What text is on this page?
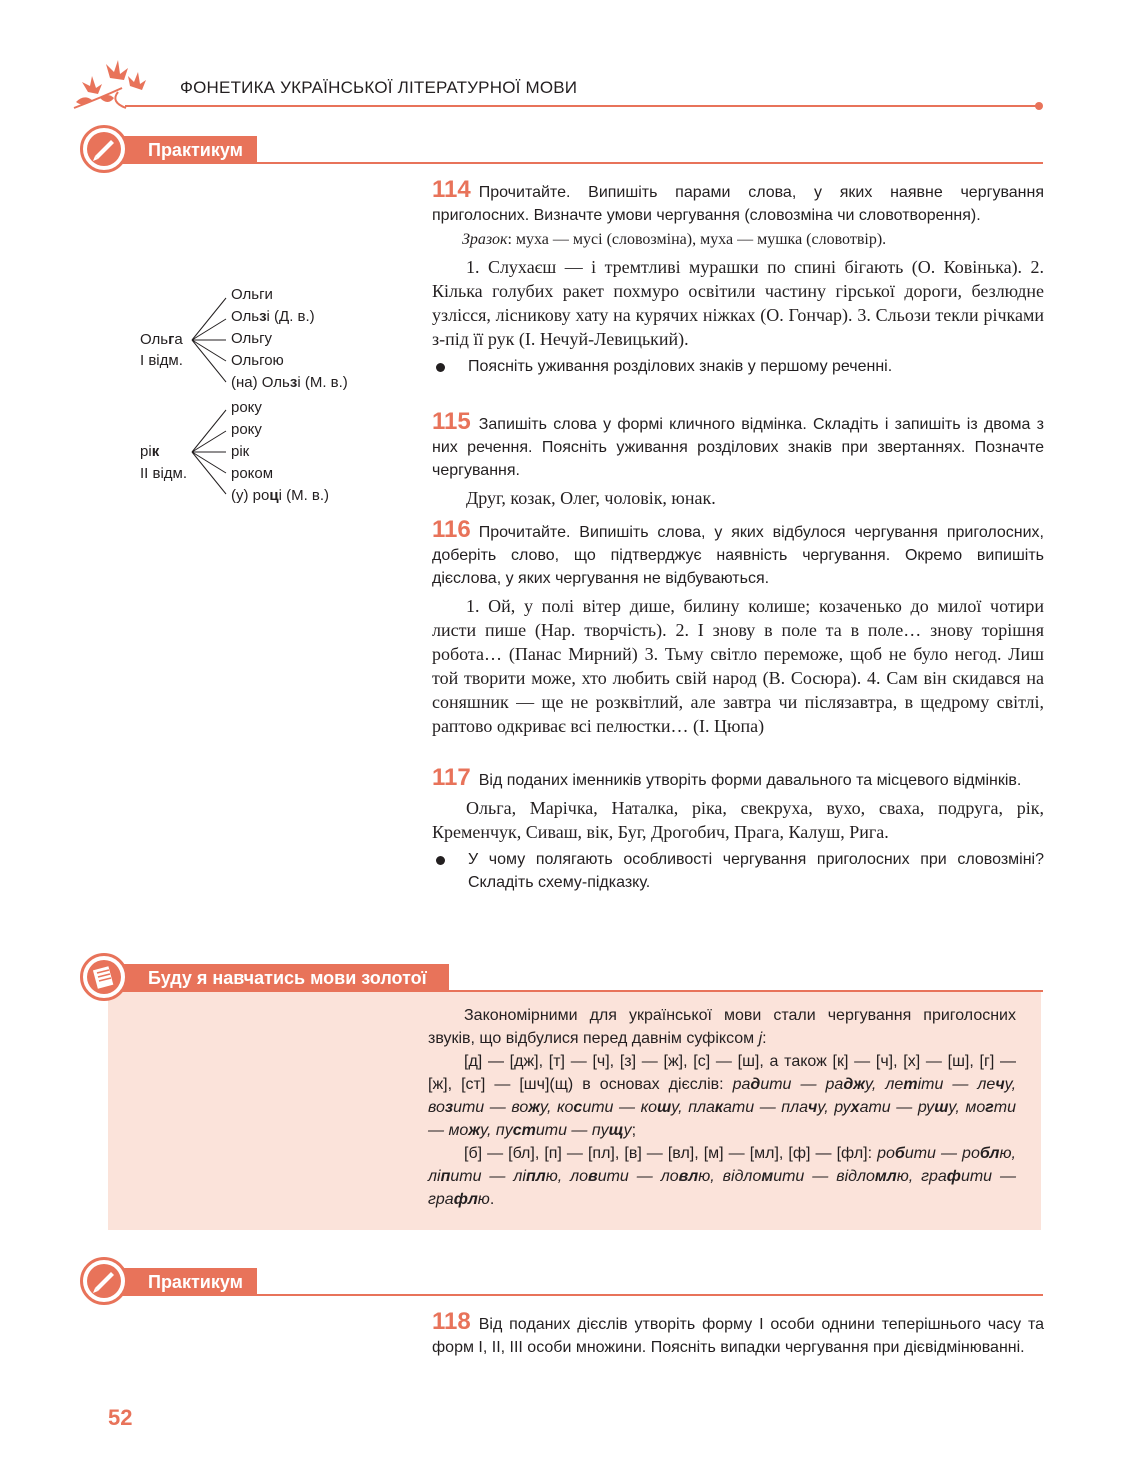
ФОНЕТИКА УКРАЇНСЬКОЇ ЛІТЕРАТУРНОЇ МОВИ
Практикум
Ольга
І відм.
Ольги
Ользі (Д. в.)
Ольгу
Ольгою
(на) Ользі (М. в.)
рік
ІІ відм.
року
року
рік
роком
(у) році (М. в.)
114 Прочитайте. Випишіть парами слова, у яких наявне чергування приголосних. Визначте умови чергування (словозміна чи словотворення).
Зразок: муха — мусі (словозміна), муха — мушка (словотвір).
1. Слухаєш — і тремтливі мурашки по спині бігають (О. Ковінька). 2. Кілька голубих ракет похмуро освітили частину гірської дороги, безлюдне узлісся, лісникову хату на курячих ніжках (О. Гончар). 3. Сльози текли річками з-під її рук (І. Нечуй-Левицький).
Поясніть уживання розділових знаків у першому реченні.
115 Запишіть слова у формі кличного відмінка. Складіть і запишіть із двома з них речення. Поясніть уживання розділових знаків при звертаннях. Позначте чергування.
Друг, козак, Олег, чоловік, юнак.
116 Прочитайте. Випишіть слова, у яких відбулося чергування приголосних, доберіть слово, що підтверджує наявність чергування. Окремо випишіть дієслова, у яких чергування не відбуваються.
1. Ой, у полі вітер дише, билину колише; козаченько до милої чотири листи пише (Нар. творчість). 2. І знову в поле та в поле… знову торішня робота… (Панас Мирний) 3. Тьму світло переможе, щоб не було негод. Лиш той творити може, хто любить свій народ (В. Сосюра). 4. Сам він скидався на соняшник — ще не розквітлий, але завтра чи післязавтра, в щедрому світлі, раптово одкриває всі пелюстки… (І. Цюпа)
117 Від поданих іменників утворіть форми давального та місцевого відмінків.
Ольга, Марічка, Наталка, ріка, свекруха, вухо, сваха, подруга, рік, Кременчук, Сиваш, вік, Буг, Дрогобич, Прага, Калуш, Рига.
У чому полягають особливості чергування приголосних при словозміні? Складіть схему-підказку.
Буду я навчатись мови золотої

Закономірними для української мови стали чергування приголосних звуків, що відбулися перед давнім суфіксом j:

[д] — [дж], [т] — [ч], [з] — [ж], [с] — [ш], а також [к] — [ч], [х] — [ш], [г] — [ж], [ст] — [шч](щ) в основах дієслів: радити — раджу, летіти — лечу, возити — вожу, косити — кошу, плакати — плачу, рухати — рушу, могти — можу, пустити — пущу;

[б] — [бл], [п] — [пл], [в] — [вл], [м] — [мл], [ф] — [фл]: робити — роблю, ліпити — ліплю, ловити — ловлю, відломити — відломлю, графити — графлю.

Практикум
118 Від поданих дієслів утворіть форму І особи однини теперішнього часу та форм І, ІІ, ІІІ особи множини. Поясніть випадки чергування при дієвідмінюванні.
52
